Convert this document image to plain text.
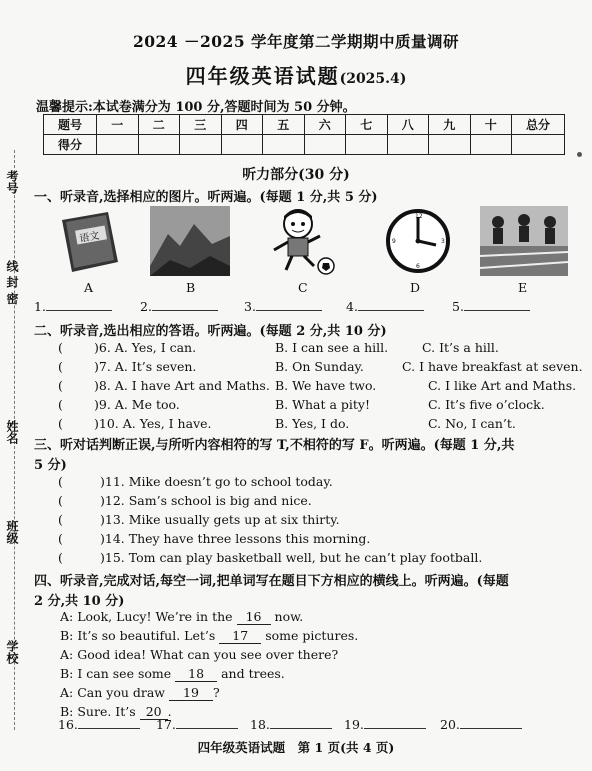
线 封 密
考号
姓名
班级
学校
2024 －2025 学年度第二学期期中质量调研
四年级英语试题(2025.4)
温馨提示:本试卷满分为 100 分,答题时间为 50 分钟。
题号	一	二	三	四	五	六	七	八	九	十	总分
得分											
听力部分(30 分)
一、听录音,选择相应的图片。听两遍。(每题 1 分,共 5 分)
语文
12
3
6
9
A	B	C	D	E
1.	2.	3.	4.	5.
二、听录音,选出相应的答语。听两遍。(每题 2 分,共 10 分)
( )6. A. Yes, I can.	B. I can see a hill.	C. It’s a hill.
( )7. A. It’s seven.	B. On Sunday.	C. I have breakfast at seven.
( )8. A. I have Art and Maths. B. We have two.	C. I like Art and Maths.
( )9. A. Me too.	B. What a pity!	C. It’s five o’clock.
( )10. A. Yes, I have.	B. Yes, I do.	C. No, I can’t.
三、听对话判断正误,与所听内容相符的写 T,不相符的写 F。听两遍。(每题 1 分,共
5 分)
(	)11. Mike doesn’t go to school today.
(	)12. Sam’s school is big and nice.
(	)13. Mike usually gets up at six thirty.
(	)14. They have three lessons this morning.
(	)15. Tom can play basketball well, but he can’t play football.
四、听录音,完成对话,每空一词,把单词写在题目下方相应的横线上。听两遍。(每题
2 分,共 10 分)
A: Look, Lucy! We’re in the 16 now.
B: It’s so beautiful. Let’s 17 some pictures.
A: Good idea! What can you see over there?
B: I can see some 18 and trees.
A: Can you draw 19 ?
B: Sure. It’s 20 .
16.	17.	18.	19.	20.
四年级英语试题　第 1 页(共 4 页)
